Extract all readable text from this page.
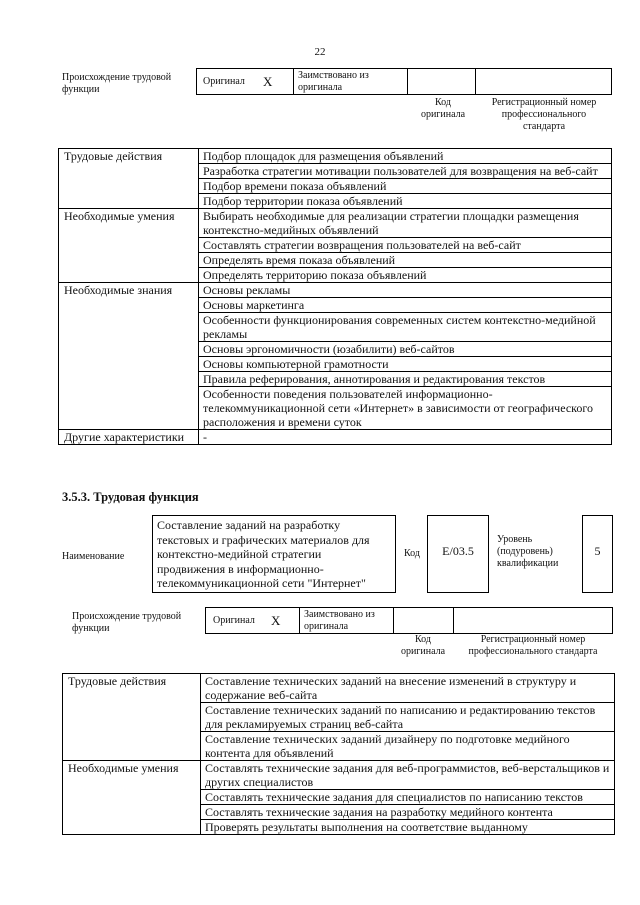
22
Происхождение трудовой функции
Оригинал X	Заимствовано из оригинала
Код оригинала
Регистрационный номер профессионального стандарта
Трудовые действия	Подбор площадок для размещения объявлений
	Разработка стратегии мотивации пользователей для возвращения на веб-сайт
	Подбор времени показа объявлений
	Подбор территории показа объявлений
Необходимые умения	Выбирать необходимые для реализации стратегии площадки размещения контекстно-медийных объявлений
	Составлять стратегии возвращения пользователей на веб-сайт
	Определять время показа объявлений
	Определять территорию показа объявлений
Необходимые знания	Основы рекламы
	Основы маркетинга
	Особенности функционирования современных систем контекстно-медийной рекламы
	Основы эргономичности (юзабилити) веб-сайтов
	Основы компьютерной грамотности
	Правила реферирования, аннотирования и редактирования текстов
	Особенности поведения пользователей информационно-телекоммуникационной сети «Интернет» в зависимости от географического расположения и времени суток
Другие характеристики	-
3.5.3. Трудовая функция
Наименование
Составление заданий на разработку текстовых и графических материалов для контекстно-медийной стратегии продвижения в информационно-телекоммуникационной сети "Интернет"
Код	E/03.5
Уровень (подуровень) квалификации
5
Происхождение трудовой функции
Оригинал X Заимствовано из оригинала
Код оригинала
Регистрационный номер профессионального стандарта
Трудовые действия	Составление технических заданий на внесение изменений в структуру и содержание веб-сайта
	Составление технических заданий по написанию и редактированию текстов для рекламируемых страниц веб-сайта
	Составление технических заданий дизайнеру по подготовке медийного контента для объявлений
Необходимые умения	Составлять технические задания для веб-программистов, веб-верстальщиков и других специалистов
	Составлять технические задания для специалистов по написанию текстов
	Составлять технические задания на разработку медийного контента
	Проверять результаты выполнения на соответствие выданному
